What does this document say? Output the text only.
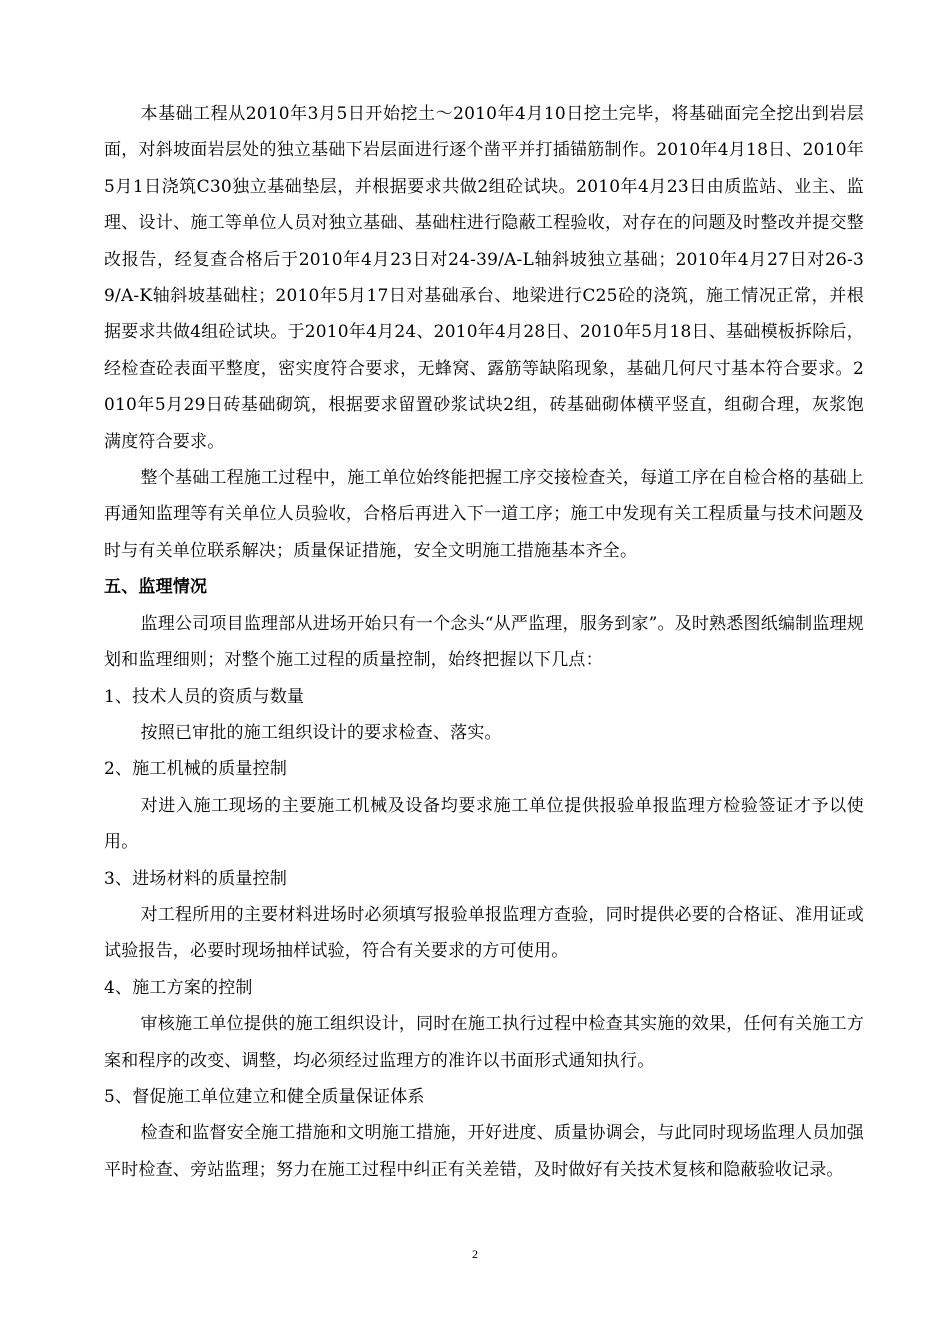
本基础工程从2010年3月5日开始挖土～2010年4月10日挖土完毕，将基础面完全挖出到岩层面，对斜坡面岩层处的独立基础下岩层面进行逐个凿平并打插锚筋制作。2010年4月18日、2010年5月1日浇筑C30独立基础垫层，并根据要求共做2组砼试块。2010年4月23日由质监站、业主、监理、设计、施工等单位人员对独立基础、基础柱进行隐蔽工程验收，对存在的问题及时整改并提交整改报告，经复查合格后于2010年4月23日对24-39/A-L轴斜坡独立基础；2010年4月27日对26-39/A-K轴斜坡基础柱；2010年5月17日对基础承台、地梁进行C25砼的浇筑，施工情况正常，并根据要求共做4组砼试块。于2010年4月24、2010年4月28日、2010年5月18日、基础模板拆除后，经检查砼表面平整度，密实度符合要求，无蜂窝、露筋等缺陷现象，基础几何尺寸基本符合要求。2010年5月29日砖基础砌筑，根据要求留置砂浆试块2组，砖基础砌体横平竖直，组砌合理，灰浆饱满度符合要求。

整个基础工程施工过程中，施工单位始终能把握工序交接检查关，每道工序在自检合格的基础上再通知监理等有关单位人员验收，合格后再进入下一道工序；施工中发现有关工程质量与技术问题及时与有关单位联系解决；质量保证措施，安全文明施工措施基本齐全。

五、监理情况

监理公司项目监理部从进场开始只有一个念头“从严监理，服务到家”。及时熟悉图纸编制监理规划和监理细则；对整个施工过程的质量控制，始终把握以下几点：

1、技术人员的资质与数量

按照已审批的施工组织设计的要求检查、落实。

2、施工机械的质量控制

对进入施工现场的主要施工机械及设备均要求施工单位提供报验单报监理方检验签证才予以使用。

3、进场材料的质量控制

对工程所用的主要材料进场时必须填写报验单报监理方查验，同时提供必要的合格证、准用证或试验报告，必要时现场抽样试验，符合有关要求的方可使用。

4、施工方案的控制

审核施工单位提供的施工组织设计，同时在施工执行过程中检查其实施的效果，任何有关施工方案和程序的改变、调整，均必须经过监理方的准许以书面形式通知执行。

5、督促施工单位建立和健全质量保证体系

检查和监督安全施工措施和文明施工措施，开好进度、质量协调会，与此同时现场监理人员加强平时检查、旁站监理；努力在施工过程中纠正有关差错，及时做好有关技术复核和隐蔽验收记录。

2
